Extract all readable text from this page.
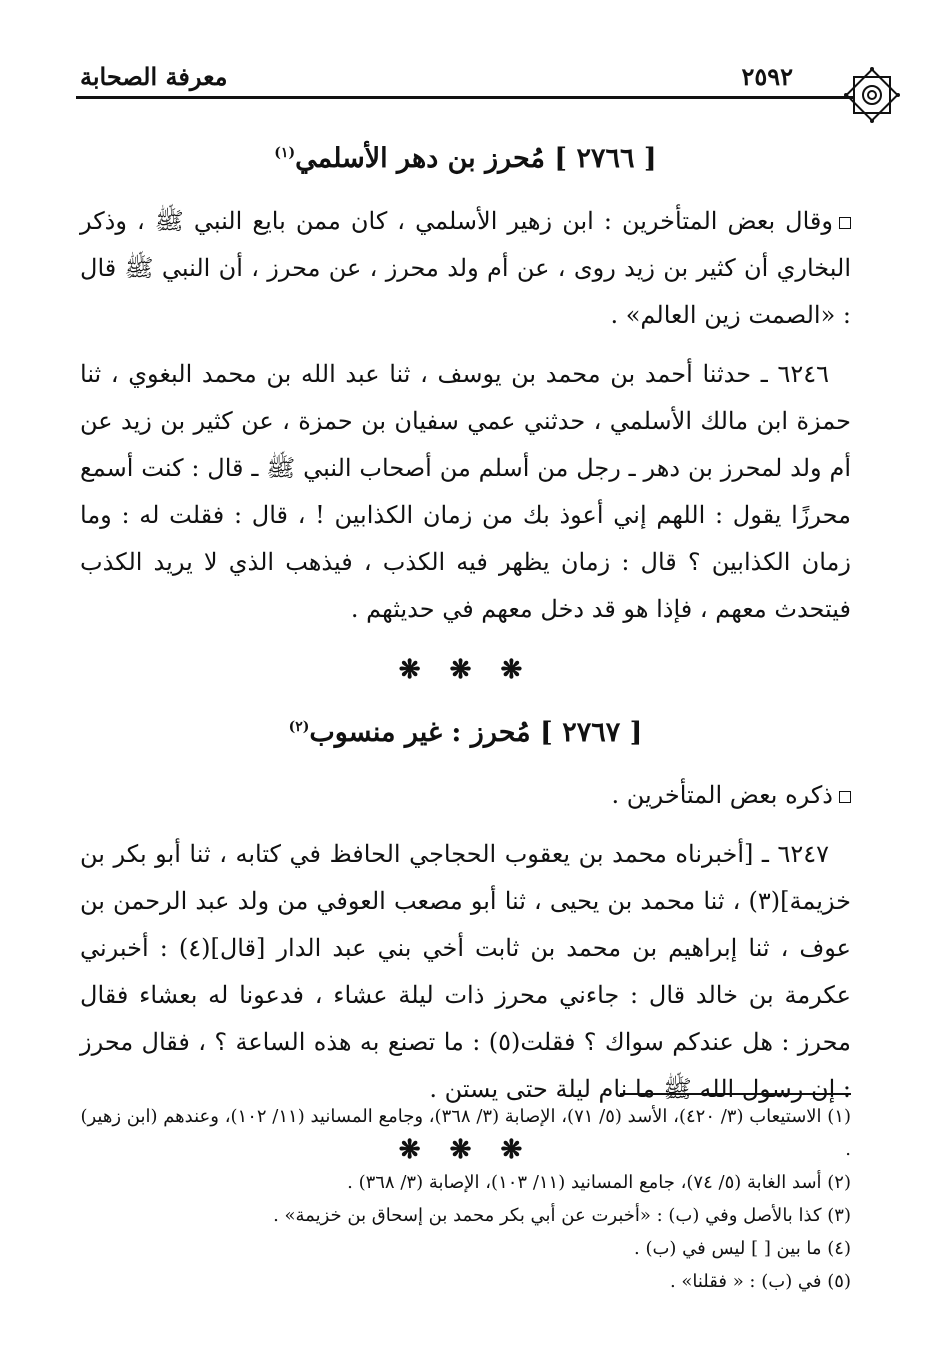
معرفة الصحابة	٢٥٩٢

[ ٢٧٦٦ ] مُحرز بن دهر الأسلمي$^{(١)}$

وقال بعض المتأخرين : ابن زهير الأسلمي ، كان ممن بايع النبي ﷺ ، وذكر البخاري أن كثير بن زيد روى ، عن أم ولد محرز ، عن محرز ، أن النبي ﷺ قال : «الصمت زين العالم» .

٦٢٤٦ ـ حدثنا أحمد بن محمد بن يوسف ، ثنا عبد الله بن محمد البغوي ، ثنا حمزة ابن مالك الأسلمي ، حدثني عمي سفيان بن حمزة ، عن كثير بن زيد عن أم ولد لمحرز بن دهر ـ رجل من أسلم من أصحاب النبي ﷺ ـ قال : كنت أسمع محرزًا يقول : اللهم إني أعوذ بك من زمان الكذابين ! ، قال : فقلت له : وما زمان الكذابين ؟ قال : زمان يظهر فيه الكذب ، فيذهب الذي لا يريد الكذب فيتحدث معهم ، فإذا هو قد دخل معهم في حديثهم .

❋ ❋ ❋

[ ٢٧٦٧ ] مُحرز : غير منسوب$^{(٢)}$

ذكره بعض المتأخرين .

٦٢٤٧ ـ [أخبرناه محمد بن يعقوب الحجاجي الحافظ في كتابه ، ثنا أبو بكر بن خزيمة](٣) ، ثنا محمد بن يحيى ، ثنا أبو مصعب العوفي من ولد عبد الرحمن بن عوف ، ثنا إبراهيم بن محمد بن ثابت أخي بني عبد الدار [قال](٤) : أخبرني عكرمة بن خالد قال : جاءني محرز ذات ليلة عشاء ، فدعونا له بعشاء فقال محرز : هل عندكم سواك ؟ فقلت(٥) : ما تصنع به هذه الساعة ؟ ، فقال محرز : إن رسول الله ﷺ ما نام ليلة حتى يستن .

❋ ❋ ❋

(١) الاستيعاب (٣/ ٤٢٠)، الأسد (٥/ ٧١)، الإصابة (٣/ ٣٦٨)، وجامع المسانيد (١١/ ١٠٢)، وعندهم (ابن زهير) .
(٢) أسد الغابة (٥/ ٧٤)، جامع المسانيد (١١/ ١٠٣)، الإصابة (٣/ ٣٦٨) .
(٣) كذا بالأصل وفي (ب) : «أخبرت عن أبي بكر محمد بن إسحاق بن خزيمة» .
(٤) ما بين [ ] ليس في (ب) .
(٥) في (ب) : « فقلنا» .
